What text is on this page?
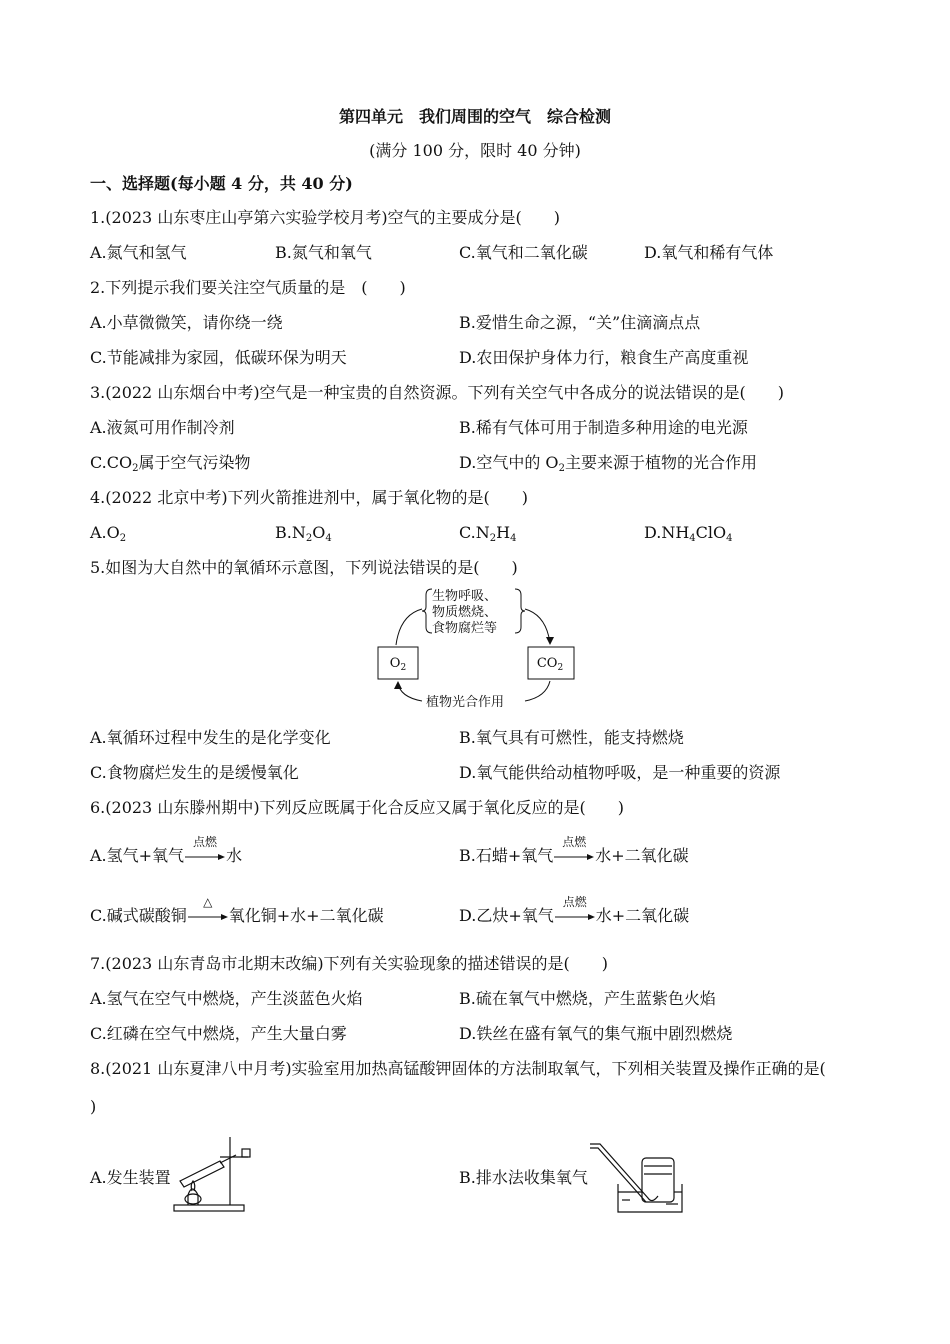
第四单元　我们周围的空气　综合检测
(满分 100 分，限时 40 分钟)
一、选择题(每小题 4 分，共 40 分)
1.(2023 山东枣庄山亭第六实验学校月考)空气的主要成分是(　　)
A.氮气和氢气	B.氮气和氧气	C.氧气和二氧化碳	D.氧气和稀有气体
2.下列提示我们要关注空气质量的是　(　　)
A.小草微微笑，请你绕一绕	B.爱惜生命之源，“关”住滴滴点点
C.节能减排为家园，低碳环保为明天	D.农田保护身体力行，粮食生产高度重视
3.(2022 山东烟台中考)空气是一种宝贵的自然资源。下列有关空气中各成分的说法错误的是(　　)
A.液氮可用作制冷剂	B.稀有气体可用于制造多种用途的电光源
$C.CO_2$属于空气污染物	D.空气中的 $O_2$主要来源于植物的光合作用
4.(2022 北京中考)下列火箭推进剂中，属于氧化物的是(　　)
$A.O_2$	$B.N_2O_4$	$C.N_2H_4$	$D.NH_4ClO_4$
5.如图为大自然中的氧循环示意图，下列说法错误的是(　　)
生物呼吸、
物质燃烧、
食物腐烂等
$O_2$	$CO_2$
植物光合作用
A.氧循环过程中发生的是化学变化	B.氧气具有可燃性，能支持燃烧
C.食物腐烂发生的是缓慢氧化	D.氧气能供给动植物呼吸，是一种重要的资源
6.(2023 山东滕州期中)下列反应既属于化合反应又属于氧化反应的是(　　)
A.氢气+氧气
点燃
水	B.石蜡+氧气
点燃
水+二氧化碳
C.碱式碳酸铜
△
氧化铜+水+二氧化碳	D.乙炔+氧气
点燃
水+二氧化碳
7.(2023 山东青岛市北期末改编)下列有关实验现象的描述错误的是(　　)
A.氢气在空气中燃烧，产生淡蓝色火焰	B.硫在氧气中燃烧，产生蓝紫色火焰
C.红磷在空气中燃烧，产生大量白雾	D.铁丝在盛有氧气的集气瓶中剧烈燃烧
8.(2021 山东夏津八中月考)实验室用加热高锰酸钾固体的方法制取氧气，下列相关装置及操作正确的是(
)
A.发生装置	B.排水法收集氧气
